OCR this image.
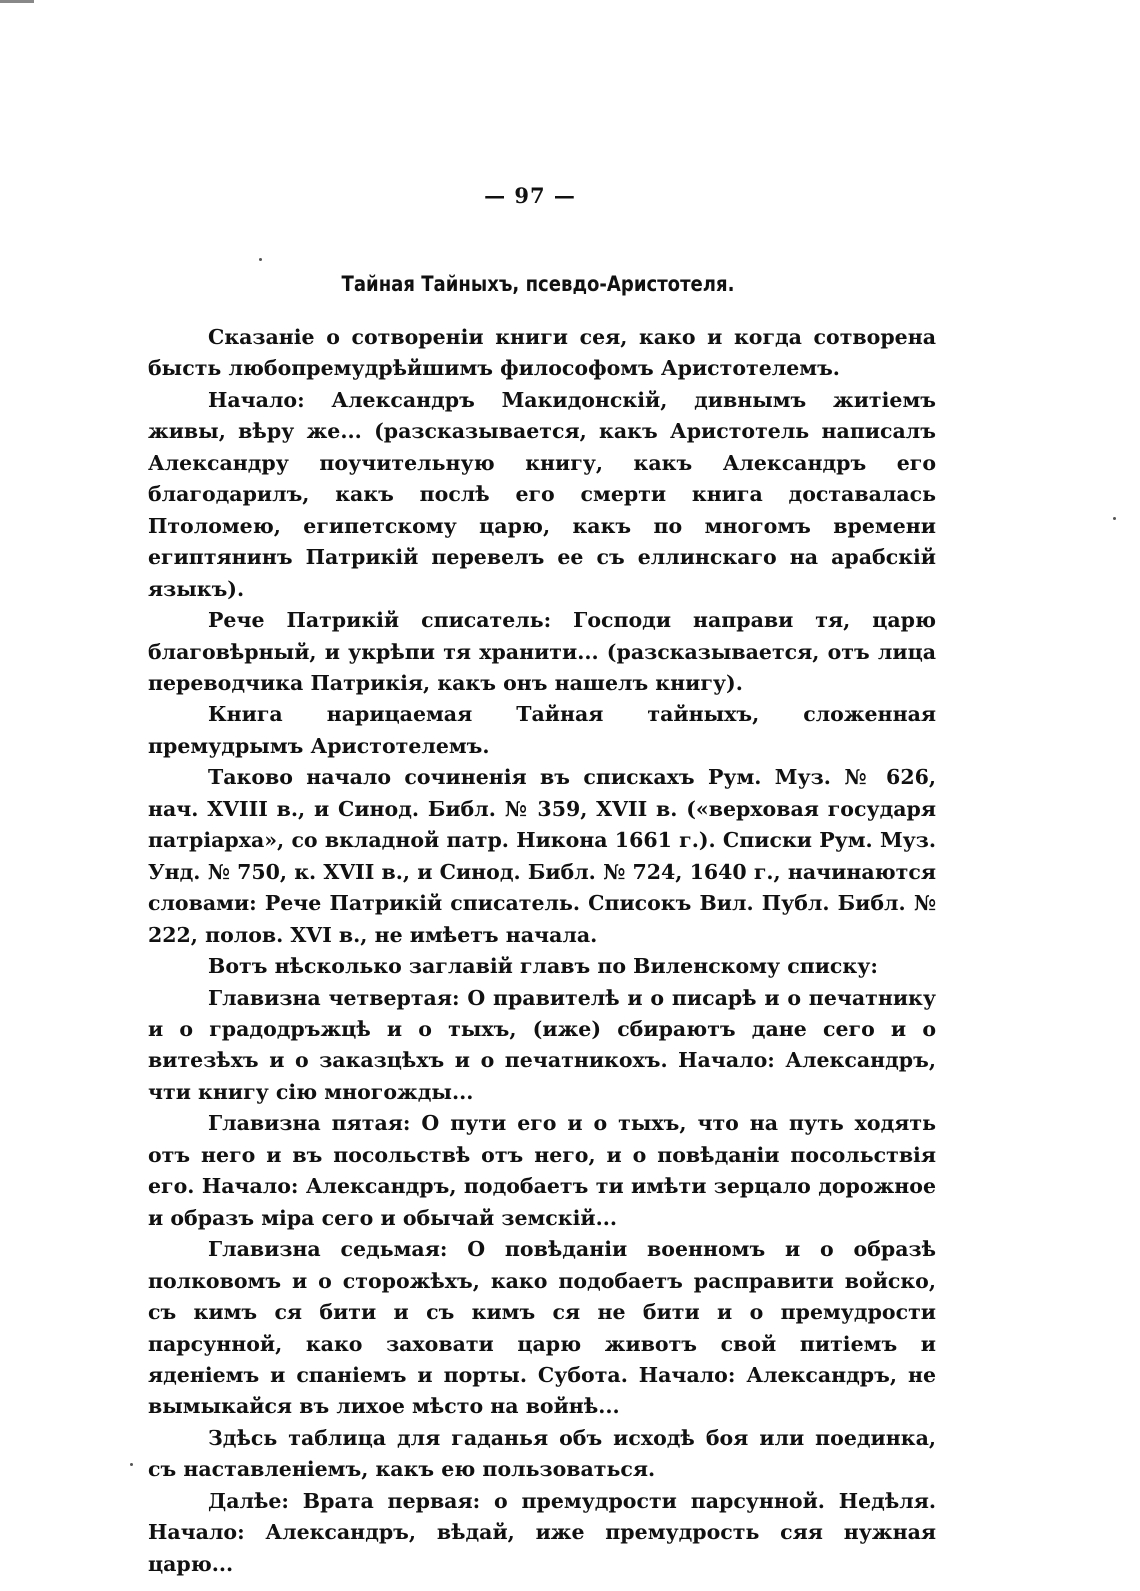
— 97 —
Тайная Тайныхъ, псевдо-Аристотеля.

Сказаніе о сотвореніи книги сея, како и когда сотворена бысть любопремудрѣйшимъ философомъ Аристотелемъ.

Начало: Александръ Макидонскій, дивнымъ житіемъ живы, вѣру же... (разсказывается, какъ Аристотель написалъ Александру поучительную книгу, какъ Александръ его благодарилъ, какъ послѣ его смерти книга доставалась Птоломею, египетскому царю, какъ по многомъ времени египтянинъ Патрикій перевелъ ее съ еллинскаго на арабскій языкъ).

Рече Патрикій списатель: Господи направи тя, царю благовѣрный, и укрѣпи тя хранити... (разсказывается, отъ лица переводчика Патрикія, какъ онъ нашелъ книгу).

Книга нарицаемая Тайная тайныхъ, сложенная премудрымъ Аристотелемъ.

Таково начало сочиненія въ спискахъ Рум. Муз. № 626, нач. XVIII в., и Синод. Библ. № 359, XVII в. («верховая государя патріарха», со вкладной патр. Никона 1661 г.). Списки Рум. Муз. Унд. № 750, к. XVII в., и Синод. Библ. № 724, 1640 г., начинаются словами: Рече Патрикій списатель. Списокъ Вил. Публ. Библ. № 222, полов. XVI в., не имѣетъ начала.

Вотъ нѣсколько заглавій главъ по Виленскому списку:

Главизна четвертая: О правителѣ и о писарѣ и о печатнику и о градодръжцѣ и о тыхъ, (иже) сбираютъ дане сего и о витезѣхъ и о заказцѣхъ и о печатникохъ. Начало: Александръ, чти книгу сію многожды...

Главизна пятая: О пути его и о тыхъ, что на путь ходять отъ него и въ посольствѣ отъ него, и о повѣданіи посольствія его. Начало: Александръ, подобаетъ ти имѣти зерцало дорожное и образъ міра сего и обычай земскій...

Главизна седьмая: О повѣданіи военномъ и о образѣ полковомъ и о сторожѣхъ, како подобаетъ расправити войско, съ кимъ ся бити и съ кимъ ся не бити и о премудрости парсунной, како заховати царю животъ свой питіемъ и яденіемъ и спаніемъ и порты. Субота. Начало: Александръ, не вымыкайся въ лихое мѣсто на войнѣ...

Здѣсь таблица для гаданья объ исходѣ боя или поединка, съ наставленіемъ, какъ ею пользоваться.

Далѣе: Врата первая: о премудрости парсунной. Недѣля. Начало: Александръ, вѣдай, иже премудрость сяя нужная царю...
